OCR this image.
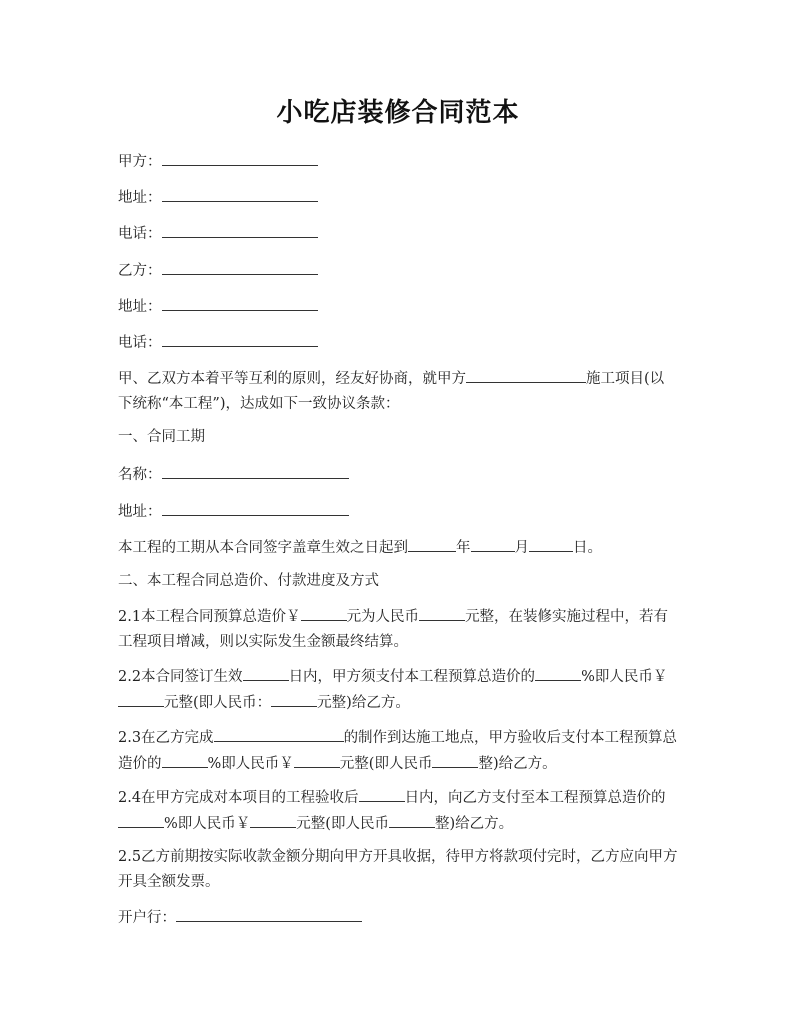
小吃店装修合同范本
甲方：
地址：
电话：
乙方：
地址：
电话：
甲、乙双方本着平等互利的原则，经友好协商，就甲方	施工项目(以下统称“本工程”)，达成如下一致协议条款：
一、合同工期
名称：
地址：
本工程的工期从本合同签字盖章生效之日起到	年	月	日。
二、本工程合同总造价、付款进度及方式
2.1本工程合同预算总造价￥	元为人民币	元整，在装修实施过程中，若有工程项目增减，则以实际发生金额最终结算。
2.2本合同签订生效	日内，甲方须支付本工程预算总造价的	%即人民币￥元整(即人民币：	元整)给乙方。
2.3在乙方完成	的制作到达施工地点，甲方验收后支付本工程预算总造价的	%即人民币￥	元整(即人民币	整)给乙方。
2.4在甲方完成对本项目的工程验收后	日内，向乙方支付至本工程预算总造价的%即人民币￥	元整(即人民币	整)给乙方。
2.5乙方前期按实际收款金额分期向甲方开具收据，待甲方将款项付完时，乙方应向甲方开具全额发票。
开户行：
